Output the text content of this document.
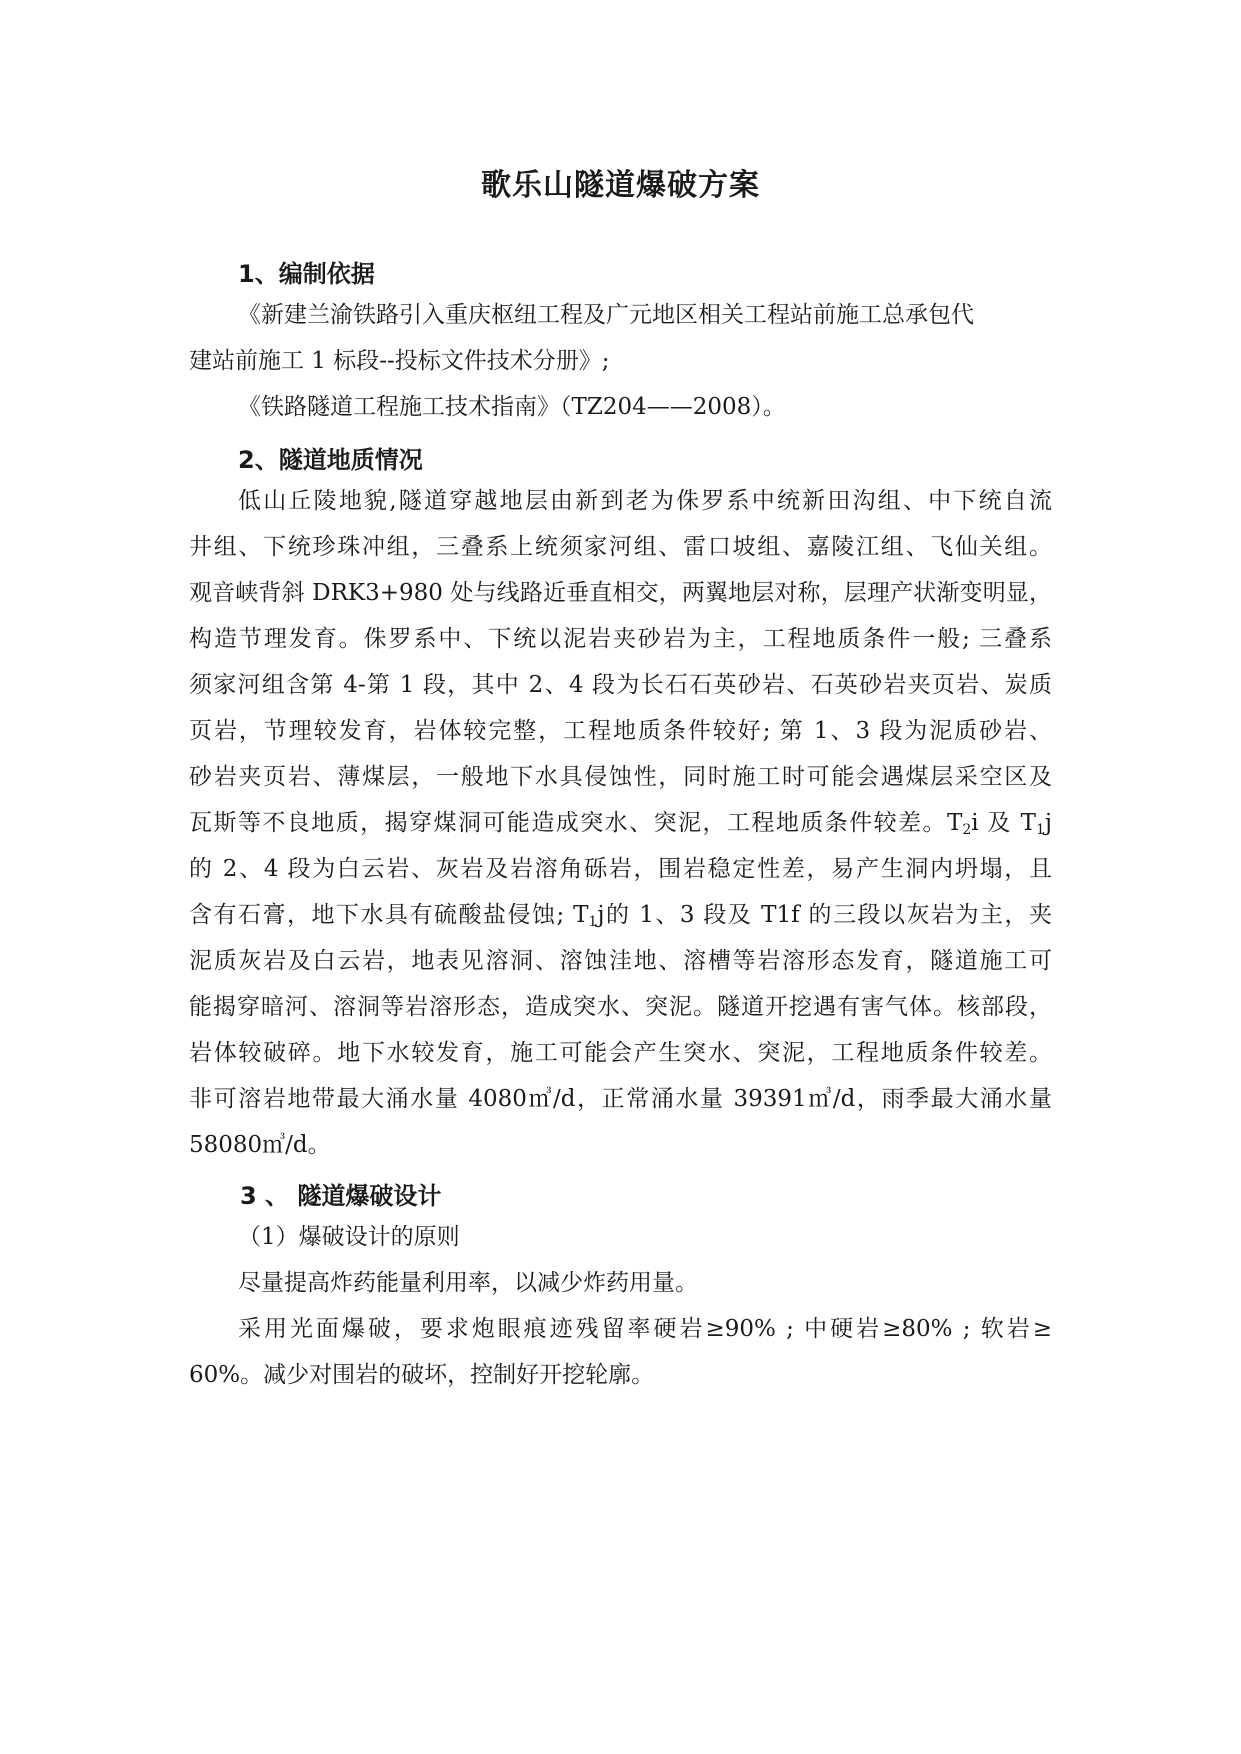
歌乐山隧道爆破方案
1、编制依据
《新建兰渝铁路引入重庆枢纽工程及广元地区相关工程站前施工总承包代
建站前施工 1 标段--投标文件技术分册》;
《铁路隧道工程施工技术指南》（TZ204——2008）。
2、隧道地质情况
低山丘陵地貌,隧道穿越地层由新到老为侏罗系中统新田沟组、中下统自流
井组、下统珍珠冲组，三叠系上统须家河组、雷口坡组、嘉陵江组、飞仙关组。
观音峡背斜 DRK3+980 处与线路近垂直相交，两翼地层对称，层理产状渐变明显，
构造节理发育。侏罗系中、下统以泥岩夹砂岩为主，工程地质条件一般; 三叠系
须家河组含第 4-第 1 段，其中 2、4 段为长石石英砂岩、石英砂岩夹页岩、炭质
页岩，节理较发育，岩体较完整，工程地质条件较好; 第 1、3 段为泥质砂岩、
砂岩夹页岩、薄煤层，一般地下水具侵蚀性，同时施工时可能会遇煤层采空区及
瓦斯等不良地质，揭穿煤洞可能造成突水、突泥，工程地质条件较差。$T_2i$ 及 $T_1j$
的 2、4 段为白云岩、灰岩及岩溶角砾岩，围岩稳定性差，易产生洞内坍塌，且
含有石膏，地下水具有硫酸盐侵蚀; $T_1j$的 1、3 段及 T1f 的三段以灰岩为主，夹
泥质灰岩及白云岩，地表见溶洞、溶蚀洼地、溶槽等岩溶形态发育，隧道施工可
能揭穿暗河、溶洞等岩溶形态，造成突水、突泥。隧道开挖遇有害气体。核部段，
岩体较破碎。地下水较发育，施工可能会产生突水、突泥，工程地质条件较差。
非可溶岩地带最大涌水量 4080㎥/d，正常涌水量 39391㎥/d，雨季最大涌水量
58080㎥/d。
3 、 隧道爆破设计
（1）爆破设计的原则
尽量提高炸药能量利用率，以减少炸药用量。
采用光面爆破，要求炮眼痕迹残留率硬岩≥90% ; 中硬岩≥80% ; 软岩≥
60%。减少对围岩的破坏，控制好开挖轮廓。
